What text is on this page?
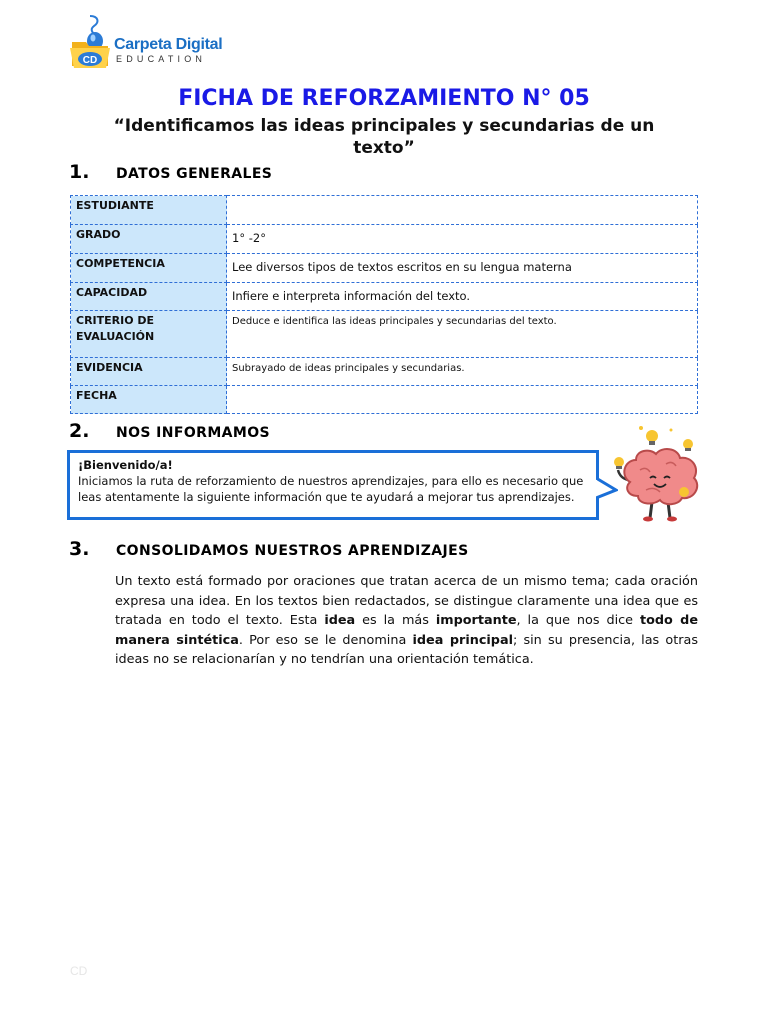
CD
Carpeta Digital
EDUCATION
FICHA DE REFORZAMIENTO N° 05
“Identificamos las ideas principales y secundarias de un texto”
1. DATOS GENERALES
ESTUDIANTE	
GRADO	1° -2°
COMPETENCIA	Lee diversos tipos de textos escritos en su lengua materna
CAPACIDAD	Infiere e interpreta información del texto.
CRITERIO DE EVALUACIÓN	Deduce e identifica las ideas principales y secundarias del texto.
EVIDENCIA	Subrayado de ideas principales y secundarias.
FECHA	
2. NOS INFORMAMOS
¡Bienvenido/a!
Iniciamos la ruta de reforzamiento de nuestros aprendizajes, para ello es necesario que leas atentamente la siguiente información que te ayudará a mejorar tus aprendizajes.
3. CONSOLIDAMOS NUESTROS APRENDIZAJES
Un texto está formado por oraciones que tratan acerca de un mismo tema; cada oración expresa una idea. En los textos bien redactados, se distingue claramente una idea que es tratada en todo el texto. Esta idea es la más importante, la que nos dice todo de manera sintética. Por eso se le denomina idea principal; sin su presencia, las otras ideas no se relacionarían y no tendrían una orientación temática.
CD
